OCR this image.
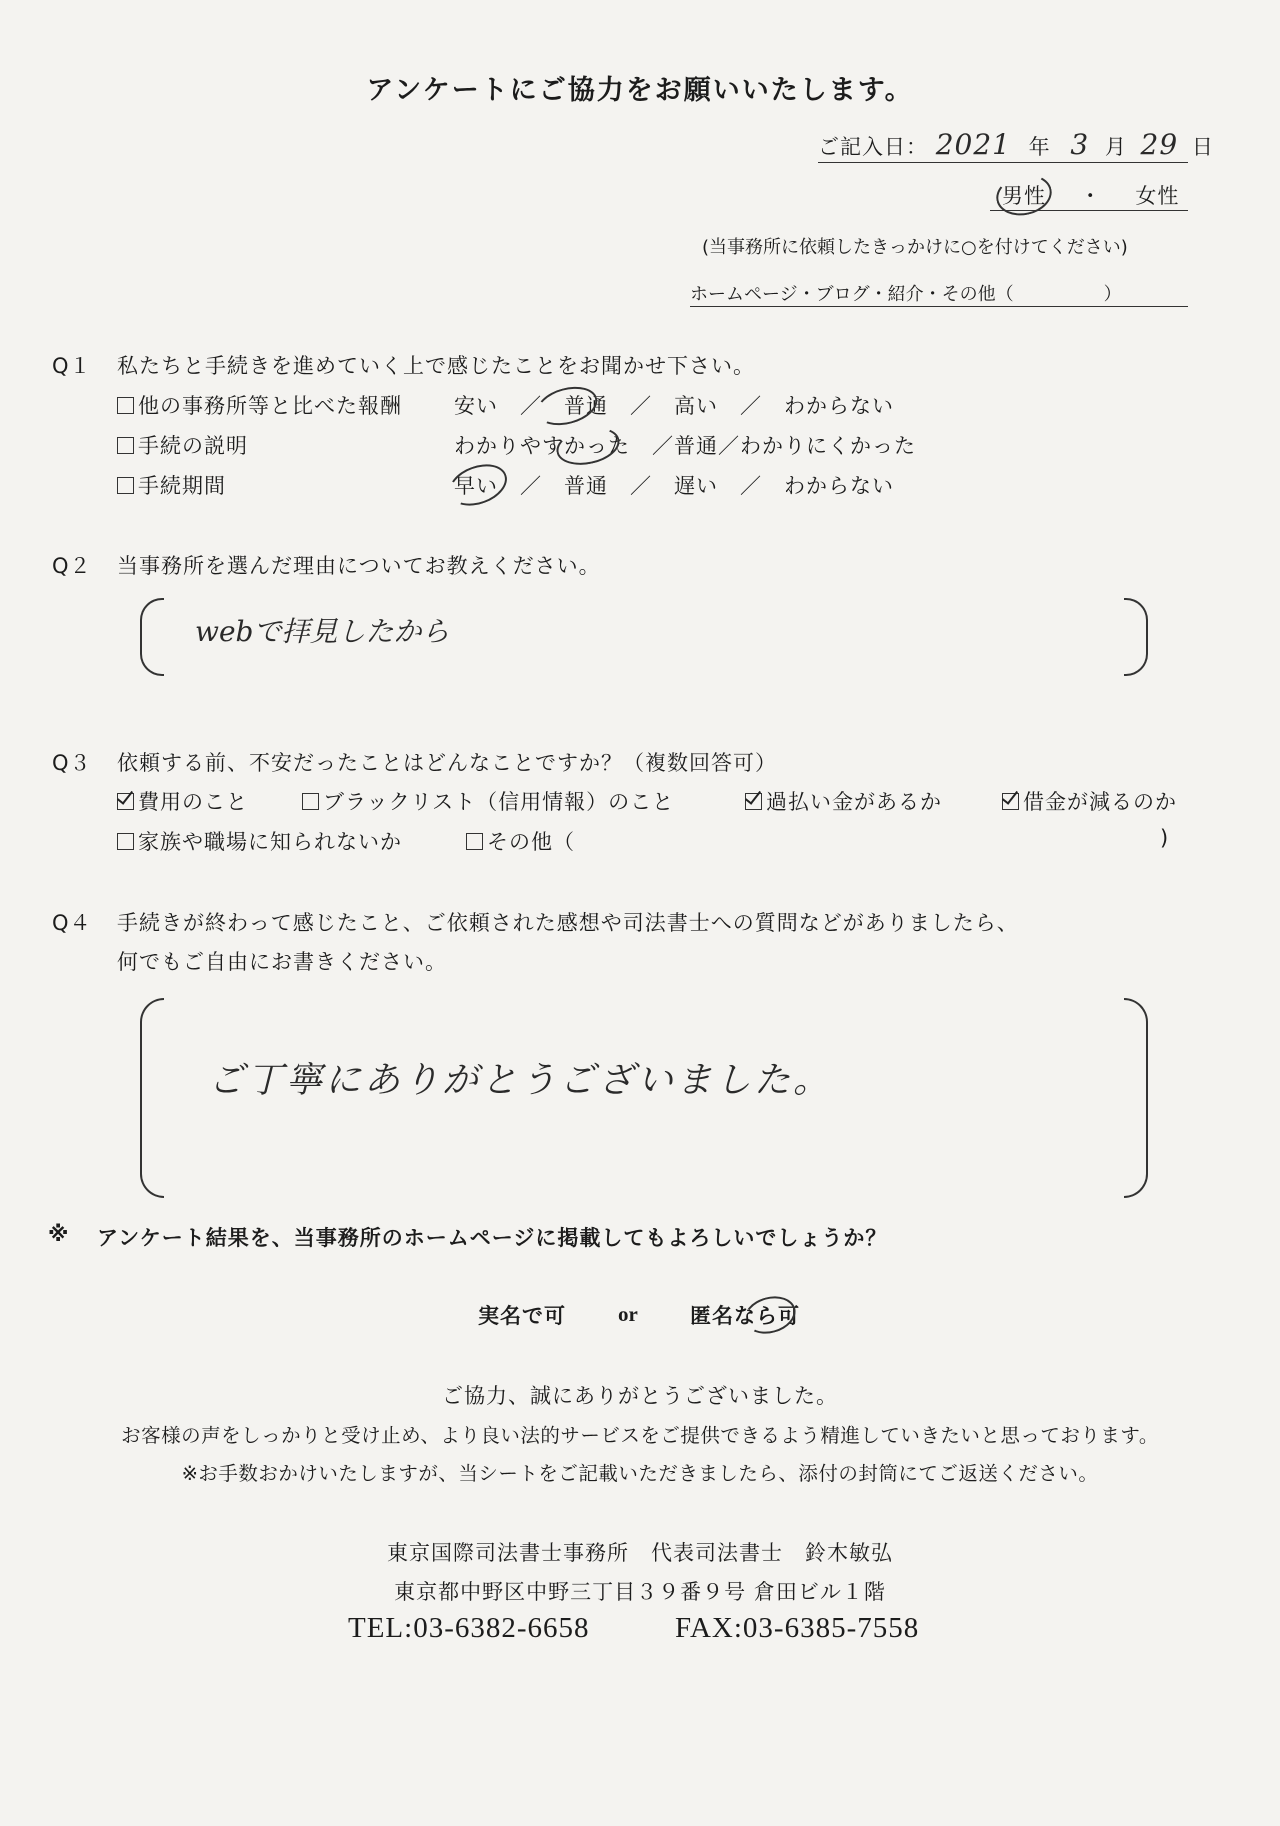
アンケートにご協力をお願いいたします。
ご記入日： 2021 年 3 月 29 日
男性 ・ 女性
(当事務所に依頼したきっかけに○を付けてください)
ホームページ・ブログ・紹介・その他（　　　　　）
Q１ 私たちと手続きを進めていく上で感じたことをお聞かせ下さい。
他の事務所等と比べた報酬 安い　／　普通　／　高い　／　わからない
手続の説明	わかりやすかった　／普通／わかりにくかった
手続期間	早い　／　普通　／　遅い　／　わからない
Q２ 当事務所を選んだ理由についてお教えください。
webで拝見したから
Q３ 依頼する前、不安だったことはどんなことですか？（複数回答可）
費用のこと	ブラックリスト（信用情報）のこと	過払い金があるか	借金が減るのか
家族や職場に知られないか	その他（	)
Q４ 手続きが終わって感じたこと、ご依頼された感想や司法書士への質問などがありましたら、
何でもご自由にお書きください。
ご丁寧にありがとうございました。
※ アンケート結果を、当事務所のホームページに掲載してもよろしいでしょうか？
実名で可 or 匿名なら可
ご協力、誠にありがとうございました。
お客様の声をしっかりと受け止め、より良い法的サービスをご提供できるよう精進していきたいと思っております。
※お手数おかけいたしますが、当シートをご記載いただきましたら、添付の封筒にてご返送ください。
東京国際司法書士事務所　代表司法書士　鈴木敏弘
東京都中野区中野三丁目３９番９号 倉田ビル１階
TEL:03-6382-6658	FAX:03-6385-7558
